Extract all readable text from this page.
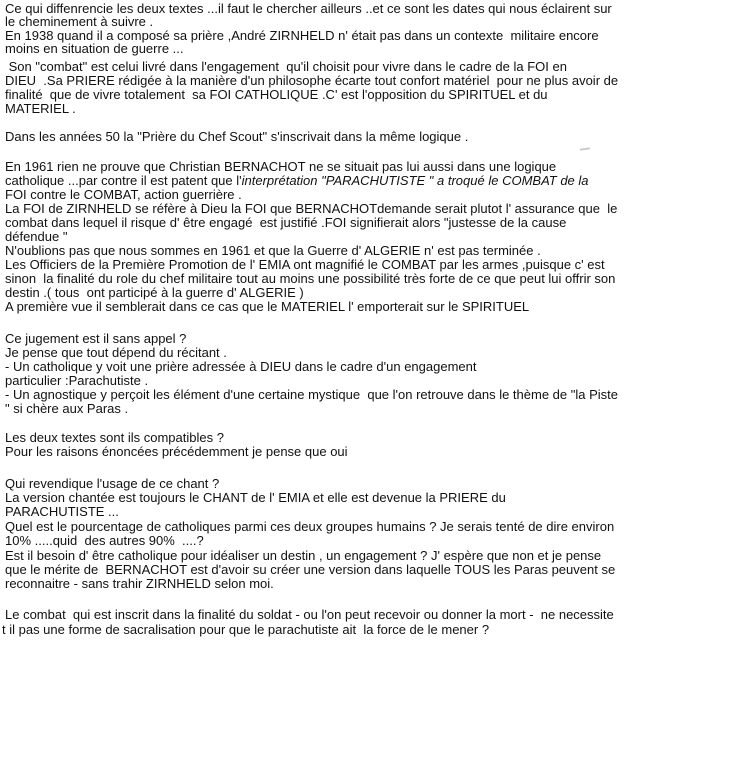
Ce qui diffenrencie les deux textes ...il faut le chercher ailleurs ..et ce sont les dates qui nous éclairent sur
le cheminement à suivre .
En 1938 quand il a composé sa prière ,André ZIRNHELD n' était pas dans un contexte  militaire encore
moins en situation de guerre ...
Son "combat" est celui livré dans l'engagement  qu'il choisit pour vivre dans le cadre de la FOI en
DIEU  .Sa PRIERE rédigée à la manière d'un philosophe écarte tout confort matériel  pour ne plus avoir de
finalité  que de vivre totalement  sa FOI CATHOLIQUE .C' est l'opposition du SPIRITUEL et du
MATERIEL .
Dans les années 50 la "Prière du Chef Scout" s'inscrivait dans la même logique .
En 1961 rien ne prouve que Christian BERNACHOT ne se situait pas lui aussi dans une logique
catholique ...par contre il est patent que l'interprétation "PARACHUTISTE " a troqué le COMBAT de la
FOI contre le COMBAT, action guerrière .
La FOI de ZIRNHELD se réfère à Dieu la FOI que BERNACHOTdemande serait plutot l' assurance que  le
combat dans lequel il risque d' être engagé  est justifié .FOI signifierait alors "justesse de la cause
défendue "
N'oublions pas que nous sommes en 1961 et que la Guerre d' ALGERIE n' est pas terminée .
Les Officiers de la Première Promotion de l' EMIA ont magnifié le COMBAT par les armes ,puisque c' est
sinon  la finalité du role du chef militaire tout au moins une possibilité très forte de ce que peut lui offrir son
destin .( tous  ont participé à la guerre d' ALGERIE )
A première vue il semblerait dans ce cas que le MATERIEL l' emporterait sur le SPIRITUEL
Ce jugement est il sans appel ?
Je pense que tout dépend du récitant .
- Un catholique y voit une prière adressée à DIEU dans le cadre d'un engagement
particulier :Parachutiste .
- Un agnostique y perçoit les élément d'une certaine mystique  que l'on retrouve dans le thème de "la Piste
" si chère aux Paras .
Les deux textes sont ils compatibles ?
Pour les raisons énoncées précédemment je pense que oui
Qui revendique l'usage de ce chant ?
La version chantée est toujours le CHANT de l' EMIA et elle est devenue la PRIERE du
PARACHUTISTE ...
Quel est le pourcentage de catholiques parmi ces deux groupes humains ? Je serais tenté de dire environ
10% .....quid  des autres 90%  ....?
Est il besoin d' être catholique pour idéaliser un destin , un engagement ? J' espère que non et je pense
que le mérite de  BERNACHOT est d'avoir su créer une version dans laquelle TOUS les Paras peuvent se
reconnaitre - sans trahir ZIRNHELD selon moi.
Le combat  qui est inscrit dans la finalité du soldat - ou l'on peut recevoir ou donner la mort -  ne necessite
t il pas une forme de sacralisation pour que le parachutiste ait  la force de le mener ?
